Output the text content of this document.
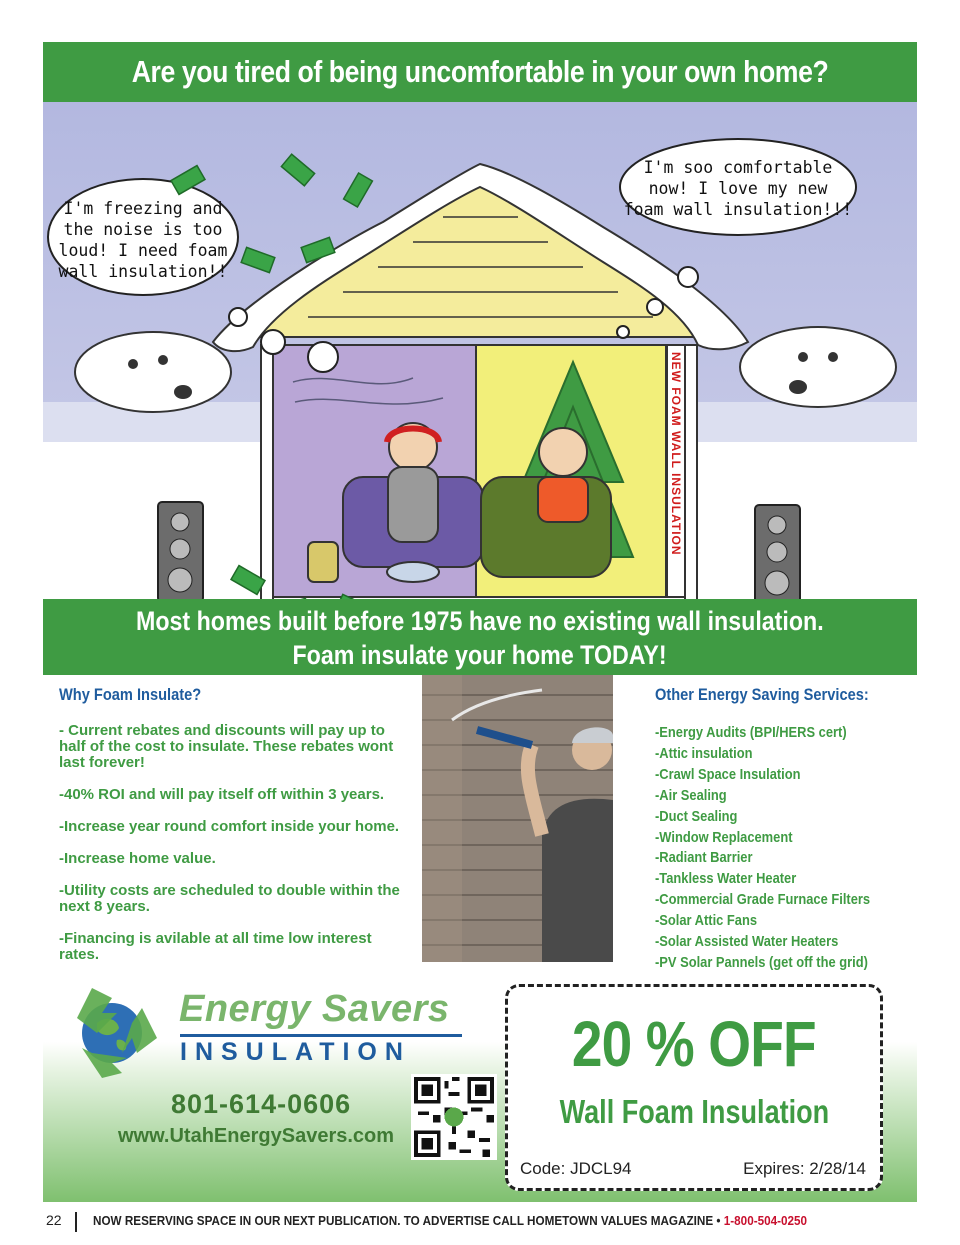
Are you tired of being uncomfortable in your own home?
NEW FOAM WALL INSULATION
I'm freezing and
the noise is too
loud! I need foam
wall insulation!!
I'm soo comfortable
now! I love my new
foam wall insulation!!!
Most homes built before 1975 have no existing wall insulation.
Foam insulate your home TODAY!
Why Foam Insulate?

- Current rebates and discounts will pay up to half of the cost to insulate. These rebates wont last forever!

-40% ROI and will pay itself off within 3 years.

-Increase year round comfort inside your home.

-Increase home value.

-Utility costs are scheduled to double within the next 8 years.

-Financing is avilable at all time low interest rates.

Other Energy Saving Services:
-Energy Audits (BPI/HERS cert)
-Attic insulation
-Crawl Space Insulation
-Air Sealing
-Duct Sealing
-Window Replacement
-Radiant Barrier
-Tankless Water Heater
-Commercial Grade Furnace Filters
-Solar Attic Fans
-Solar Assisted Water Heaters
-PV Solar Pannels (get off the grid)
Energy Savers
INSULATION
801-614-0606
www.UtahEnergySavers.com
20 % OFF
Wall Foam Insulation
Code: JDCL94	Expires: 2/28/14
22 NOW RESERVING SPACE IN OUR NEXT PUBLICATION. TO ADVERTISE CALL HOMETOWN VALUES MAGAZINE • 1-800-504-0250
